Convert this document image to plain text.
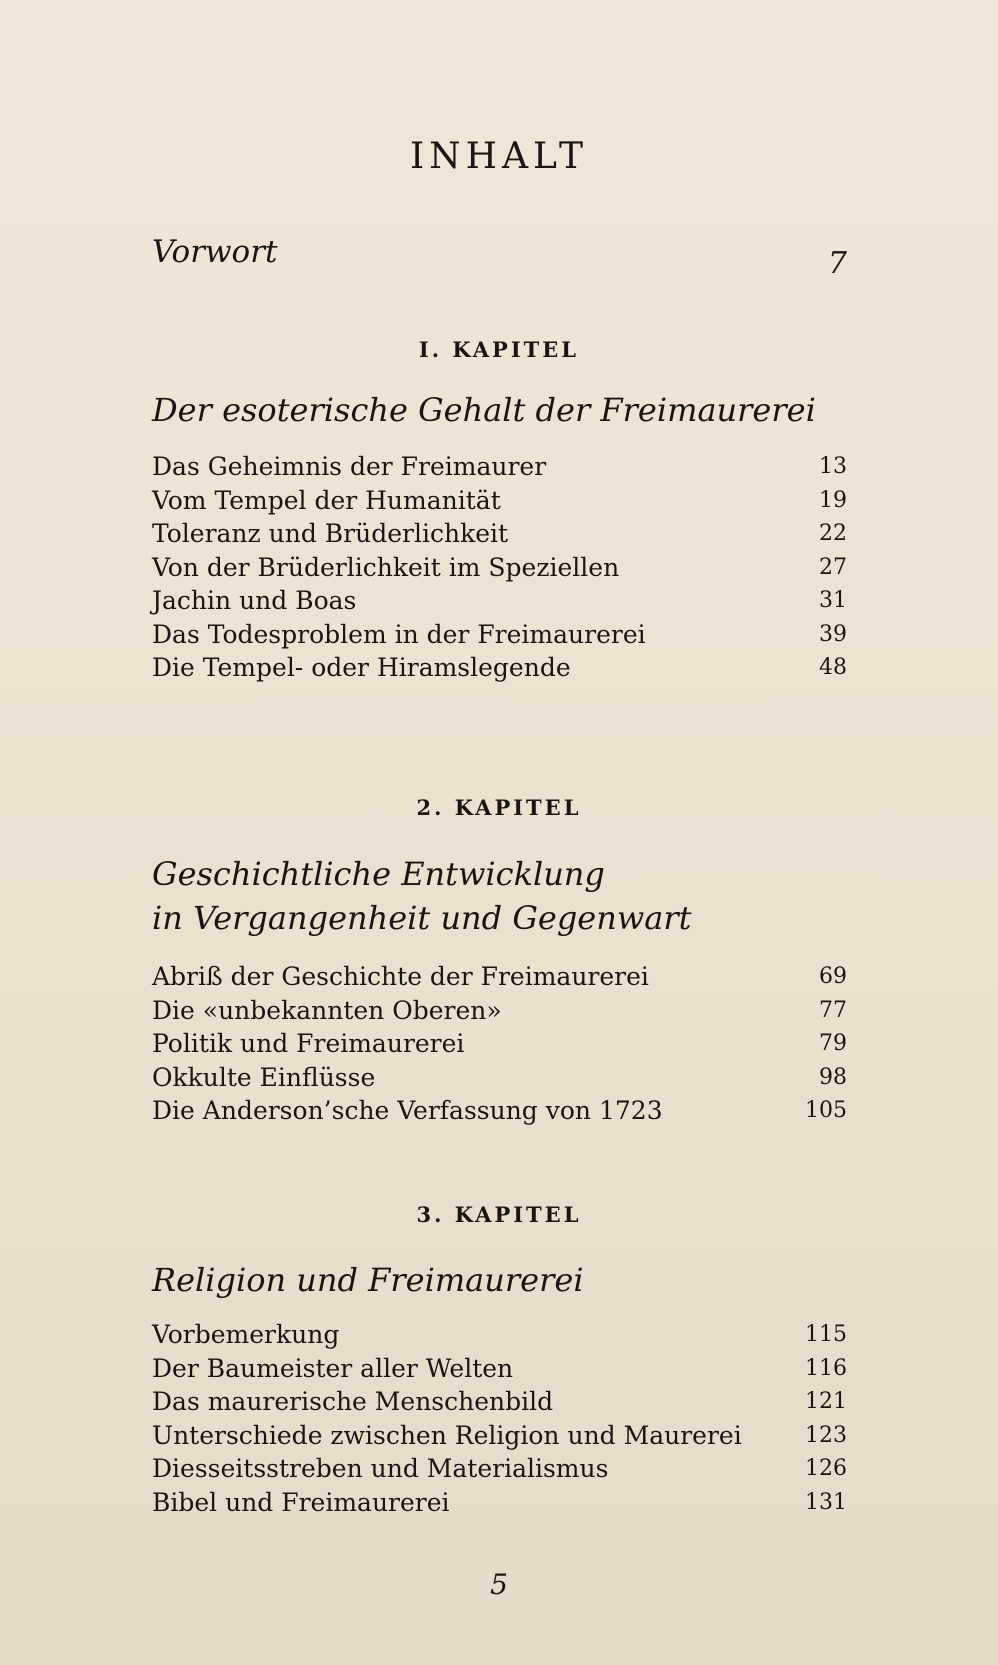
INHALT
Vorwort	7
I. KAPITEL
Der esoterische Gehalt der Freimaurerei
Das Geheimnis der Freimaurer	13
Vom Tempel der Humanität	19
Toleranz und Brüderlichkeit	22
Von der Brüderlichkeit im Speziellen	27
Jachin und Boas	31
Das Todesproblem in der Freimaurerei	39
Die Tempel- oder Hiramslegende	48
2. KAPITEL
Geschichtliche Entwicklung
in Vergangenheit und Gegenwart
Abriß der Geschichte der Freimaurerei	69
Die «unbekannten Oberen»	77
Politik und Freimaurerei	79
Okkulte Einflüsse	98
Die Anderson’sche Verfassung von 1723	105
3. KAPITEL
Religion und Freimaurerei
Vorbemerkung	115
Der Baumeister aller Welten	116
Das maurerische Menschenbild	121
Unterschiede zwischen Religion und Maurerei	123
Diesseitsstreben und Materialismus	126
Bibel und Freimaurerei	131
5
